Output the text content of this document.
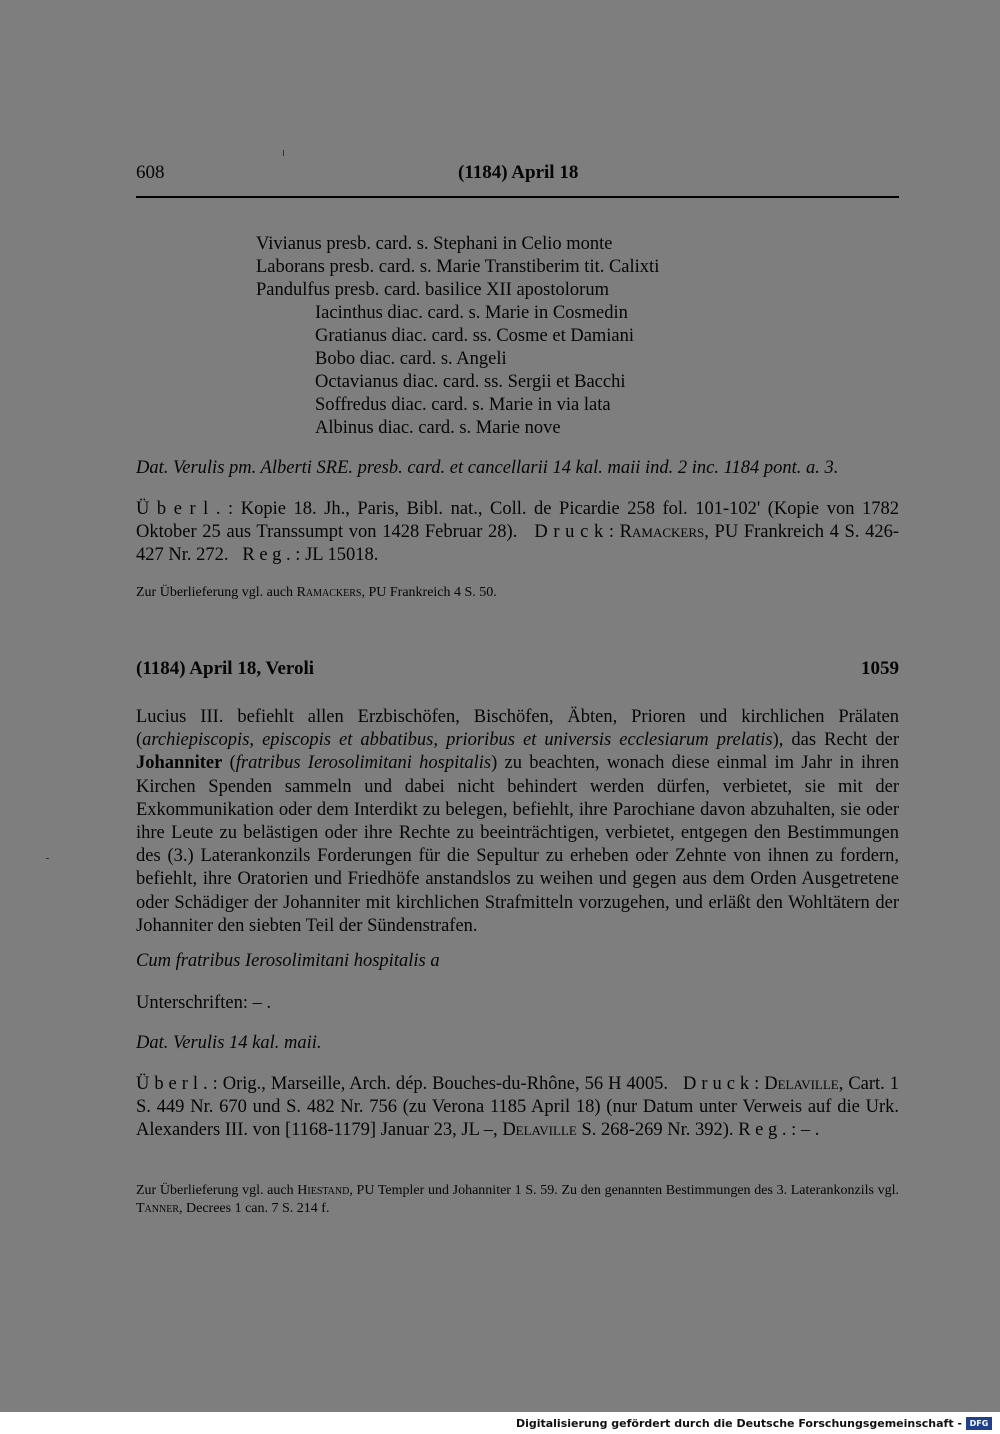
608	(1184) April 18
Vivianus presb. card. s. Stephani in Celio monte
Laborans presb. card. s. Marie Transtiberim tit. Calixti
Pandulfus presb. card. basilice XII apostolorum
Iacinthus diac. card. s. Marie in Cosmedin
Gratianus diac. card. ss. Cosme et Damiani
Bobo diac. card. s. Angeli
Octavianus diac. card. ss. Sergii et Bacchi
Soffredus diac. card. s. Marie in via lata
Albinus diac. card. s. Marie nove
Dat. Verulis pm. Alberti SRE. presb. card. et cancellarii 14 kal. maii ind. 2 inc. 1184 pont. a. 3.
Ü b e r l . : Kopie 18. Jh., Paris, Bibl. nat., Coll. de Picardie 258 fol. 101-102' (Kopie von 1782 Oktober 25 aus Transsumpt von 1428 Februar 28). D r u c k : Ramackers, PU Frankreich 4 S. 426-427 Nr. 272. R e g . : JL 15018.
Zur Überlieferung vgl. auch Ramackers, PU Frankreich 4 S. 50.
(1184) April 18, Veroli	1059
Lucius III. befiehlt allen Erzbischöfen, Bischöfen, Äbten, Prioren und kirchlichen Prälaten (archiepiscopis, episcopis et abbatibus, prioribus et universis ecclesiarum prelatis), das Recht der Johanniter (fratribus Ierosolimitani hospitalis) zu beachten, wonach diese einmal im Jahr in ihren Kirchen Spenden sammeln und dabei nicht behindert werden dürfen, verbietet, sie mit der Exkommunikation oder dem Interdikt zu belegen, befiehlt, ihre Parochiane davon abzuhalten, sie oder ihre Leute zu belästigen oder ihre Rechte zu beeinträchtigen, verbietet, entgegen den Bestimmungen des (3.) Laterankonzils Forderungen für die Sepultur zu erheben oder Zehnte von ihnen zu fordern, befiehlt, ihre Oratorien und Friedhöfe anstandslos zu weihen und gegen aus dem Orden Ausgetretene oder Schädiger der Johanniter mit kirchlichen Strafmitteln vorzugehen, und erläßt den Wohltätern der Johanniter den siebten Teil der Sündenstrafen.
Cum fratribus Ierosolimitani hospitalis a
Unterschriften: – .
Dat. Verulis 14 kal. maii.
Ü b e r l . : Orig., Marseille, Arch. dép. Bouches-du-Rhône, 56 H 4005. D r u c k : Delaville, Cart. 1 S. 449 Nr. 670 und S. 482 Nr. 756 (zu Verona 1185 April 18) (nur Datum unter Verweis auf die Urk. Alexanders III. von [1168-1179] Januar 23, JL –, Delaville S. 268-269 Nr. 392). R e g . : – .
Zur Überlieferung vgl. auch Hiestand, PU Templer und Johanniter 1 S. 59. Zu den genannten Bestimmungen des 3. Laterankonzils vgl. Tanner, Decrees 1 can. 7 S. 214 f.
Digitalisierung gefördert durch die Deutsche Forschungsgemeinschaft - DFG
